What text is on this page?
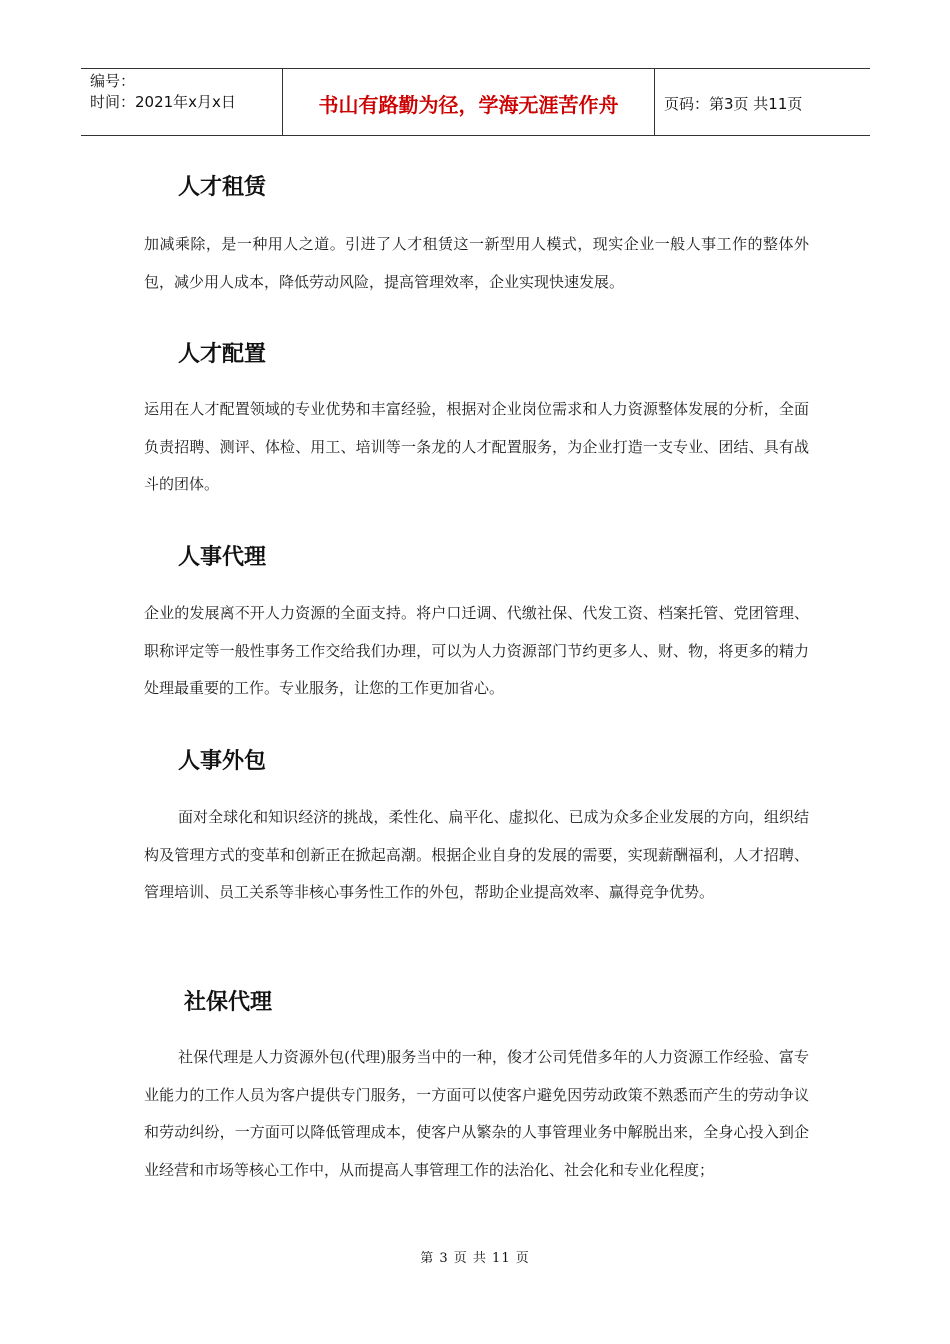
编号：
时间：2021年x月x日	书山有路勤为径，学海无涯苦作舟	页码：第3页 共11页
人才租赁
加减乘除，是一种用人之道。引进了人才租赁这一新型用人模式，现实企业一般人事工作的整体外包，减少用人成本，降低劳动风险，提高管理效率，企业实现快速发展。
人才配置
运用在人才配置领域的专业优势和丰富经验，根据对企业岗位需求和人力资源整体发展的分析，全面负责招聘、测评、体检、用工、培训等一条龙的人才配置服务，为企业打造一支专业、团结、具有战斗的团体。
人事代理
企业的发展离不开人力资源的全面支持。将户口迁调、代缴社保、代发工资、档案托管、党团管理、职称评定等一般性事务工作交给我们办理，可以为人力资源部门节约更多人、财、物，将更多的精力处理最重要的工作。专业服务，让您的工作更加省心。
人事外包
面对全球化和知识经济的挑战，柔性化、扁平化、虚拟化、已成为众多企业发展的方向，组织结构及管理方式的变革和创新正在掀起高潮。根据企业自身的发展的需要，实现薪酬福利，人才招聘、管理培训、员工关系等非核心事务性工作的外包，帮助企业提高效率、赢得竞争优势。
社保代理
社保代理是人力资源外包(代理)服务当中的一种，俊才公司凭借多年的人力资源工作经验、富专业能力的工作人员为客户提供专门服务，一方面可以使客户避免因劳动政策不熟悉而产生的劳动争议和劳动纠纷，一方面可以降低管理成本，使客户从繁杂的人事管理业务中解脱出来，全身心投入到企业经营和市场等核心工作中，从而提高人事管理工作的法治化、社会化和专业化程度；
第 3 页 共 11 页
